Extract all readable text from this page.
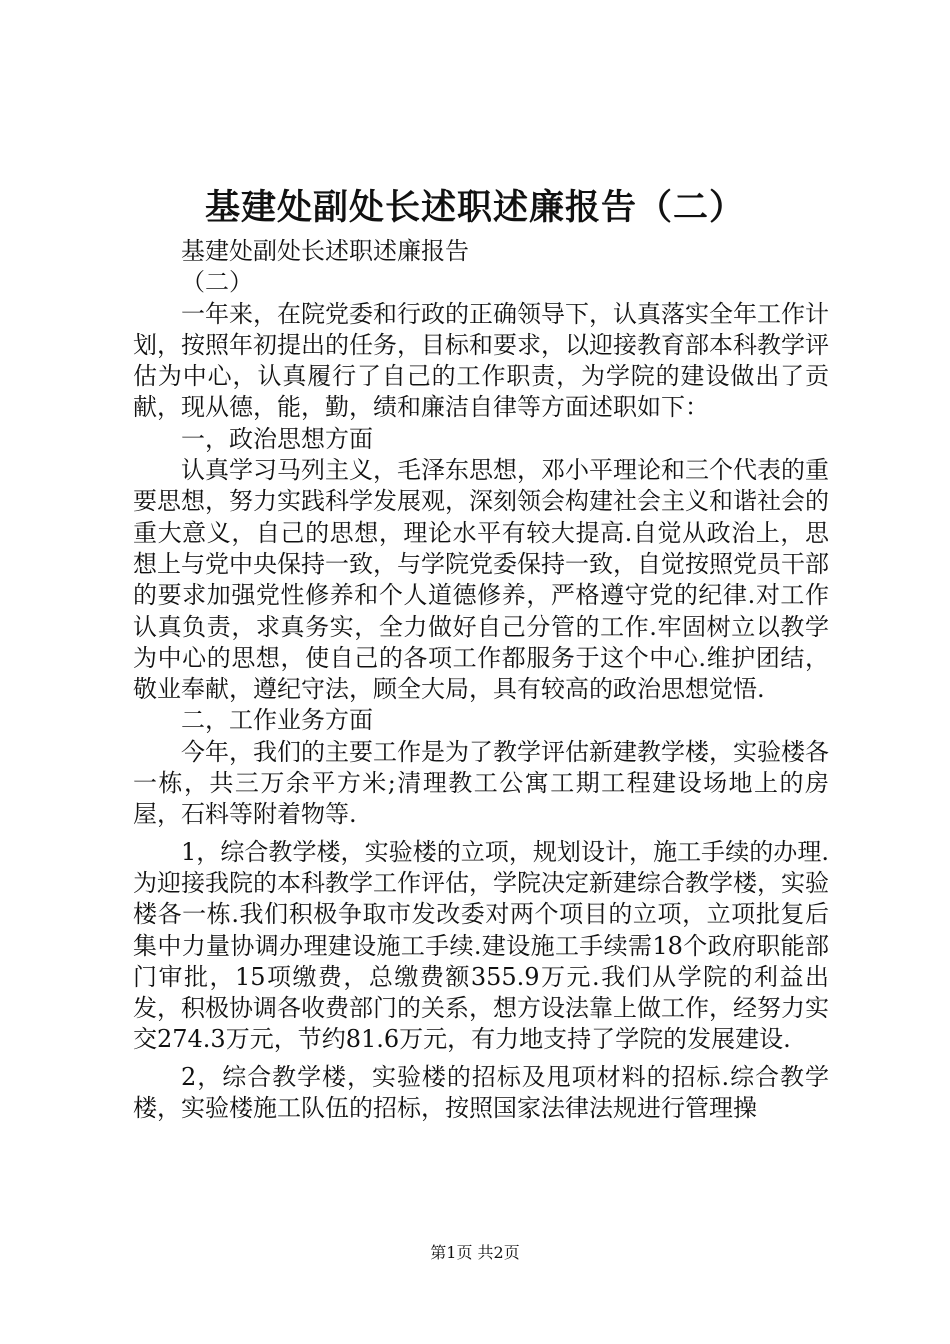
基建处副处长述职述廉报告（二）

基建处副处长述职述廉报告

（二）

一年来，在院党委和行政的正确领导下，认真落实全年工作计划，按照年初提出的任务，目标和要求，以迎接教育部本科教学评估为中心，认真履行了自己的工作职责，为学院的建设做出了贡献，现从德，能，勤，绩和廉洁自律等方面述职如下：

一，政治思想方面

认真学习马列主义，毛泽东思想，邓小平理论和三个代表的重要思想，努力实践科学发展观，深刻领会构建社会主义和谐社会的重大意义，自己的思想，理论水平有较大提高.自觉从政治上，思想上与党中央保持一致，与学院党委保持一致，自觉按照党员干部的要求加强党性修养和个人道德修养，严格遵守党的纪律.对工作认真负责，求真务实，全力做好自己分管的工作.牢固树立以教学为中心的思想，使自己的各项工作都服务于这个中心.维护团结，敬业奉献，遵纪守法，顾全大局，具有较高的政治思想觉悟.

二，工作业务方面

今年，我们的主要工作是为了教学评估新建教学楼，实验楼各一栋，共三万余平方米;清理教工公寓工期工程建设场地上的房屋，石料等附着物等.

1，综合教学楼，实验楼的立项，规划设计，施工手续的办理.为迎接我院的本科教学工作评估，学院决定新建综合教学楼，实验楼各一栋.我们积极争取市发改委对两个项目的立项，立项批复后集中力量协调办理建设施工手续.建设施工手续需18个政府职能部门审批，15项缴费，总缴费额355.9万元.我们从学院的利益出发，积极协调各收费部门的关系，想方设法靠上做工作，经努力实交274.3万元，节约81.6万元，有力地支持了学院的发展建设.

2，综合教学楼，实验楼的招标及甩项材料的招标.综合教学楼，实验楼施工队伍的招标，按照国家法律法规进行管理操

第1页 共2页
